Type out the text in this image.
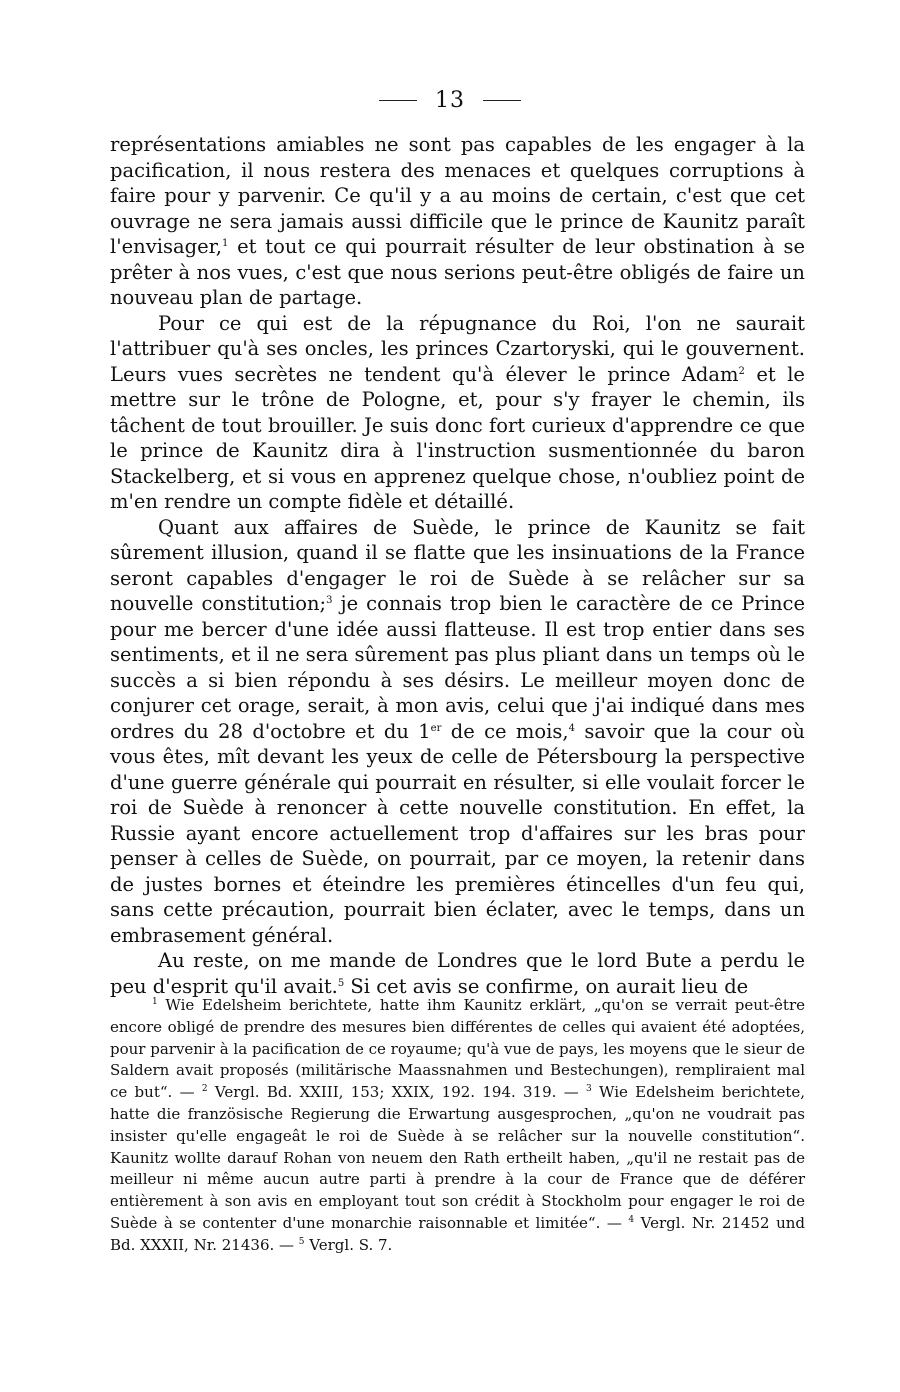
13

représentations amiables ne sont pas capables de les engager à la pacification, il nous restera des menaces et quelques corruptions à faire pour y parvenir. Ce qu'il y a au moins de certain, c'est que cet ouvrage ne sera jamais aussi difficile que le prince de Kaunitz paraît l'envisager,$^1$ et tout ce qui pourrait résulter de leur obstination à se prêter à nos vues, c'est que nous serions peut-être obligés de faire un nouveau plan de partage.

Pour ce qui est de la répugnance du Roi, l'on ne saurait l'attribuer qu'à ses oncles, les princes Czartoryski, qui le gouvernent. Leurs vues secrètes ne tendent qu'à élever le prince Adam$^2$ et le mettre sur le trône de Pologne, et, pour s'y frayer le chemin, ils tâchent de tout brouiller. Je suis donc fort curieux d'apprendre ce que le prince de Kaunitz dira à l'instruction susmentionnée du baron Stackelberg, et si vous en apprenez quelque chose, n'oubliez point de m'en rendre un compte fidèle et détaillé.

Quant aux affaires de Suède, le prince de Kaunitz se fait sûrement illusion, quand il se flatte que les insinuations de la France seront capables d'engager le roi de Suède à se relâcher sur sa nouvelle constitution;$^3$ je connais trop bien le caractère de ce Prince pour me bercer d'une idée aussi flatteuse. Il est trop entier dans ses sentiments, et il ne sera sûrement pas plus pliant dans un temps où le succès a si bien répondu à ses désirs. Le meilleur moyen donc de conjurer cet orage, serait, à mon avis, celui que j'ai indiqué dans mes ordres du 28 d'octobre et du 1er de ce mois,$^4$ savoir que la cour où vous êtes, mît devant les yeux de celle de Pétersbourg la perspective d'une guerre générale qui pourrait en résulter, si elle voulait forcer le roi de Suède à renoncer à cette nouvelle constitution. En effet, la Russie ayant encore actuellement trop d'affaires sur les bras pour penser à celles de Suède, on pourrait, par ce moyen, la retenir dans de justes bornes et éteindre les premières étincelles d'un feu qui, sans cette précaution, pourrait bien éclater, avec le temps, dans un embrasement général.

Au reste, on me mande de Londres que le lord Bute a perdu le peu d'esprit qu'il avait.$^5$ Si cet avis se confirme, on aurait lieu de

$^1$ Wie Edelsheim berichtete, hatte ihm Kaunitz erklärt, „qu'on se verrait peut-être encore obligé de prendre des mesures bien différentes de celles qui avaient été adoptées, pour parvenir à la pacification de ce royaume; qu'à vue de pays, les moyens que le sieur de Saldern avait proposés (militärische Maassnahmen und Bestechungen), rempliraient mal ce but“. — $^2$ Vergl. Bd. XXIII, 153; XXIX, 192. 194. 319. — $^3$ Wie Edelsheim berichtete, hatte die französische Regierung die Erwartung ausgesprochen, „qu'on ne voudrait pas insister qu'elle engageât le roi de Suède à se relâcher sur la nouvelle constitution“. Kaunitz wollte darauf Rohan von neuem den Rath ertheilt haben, „qu'il ne restait pas de meilleur ni même aucun autre parti à prendre à la cour de France que de déférer entièrement à son avis en employant tout son crédit à Stockholm pour engager le roi de Suède à se contenter d'une monarchie raisonnable et limitée“. — $^4$ Vergl. Nr. 21452 und Bd. XXXII, Nr. 21436. — $^5$ Vergl. S. 7.
